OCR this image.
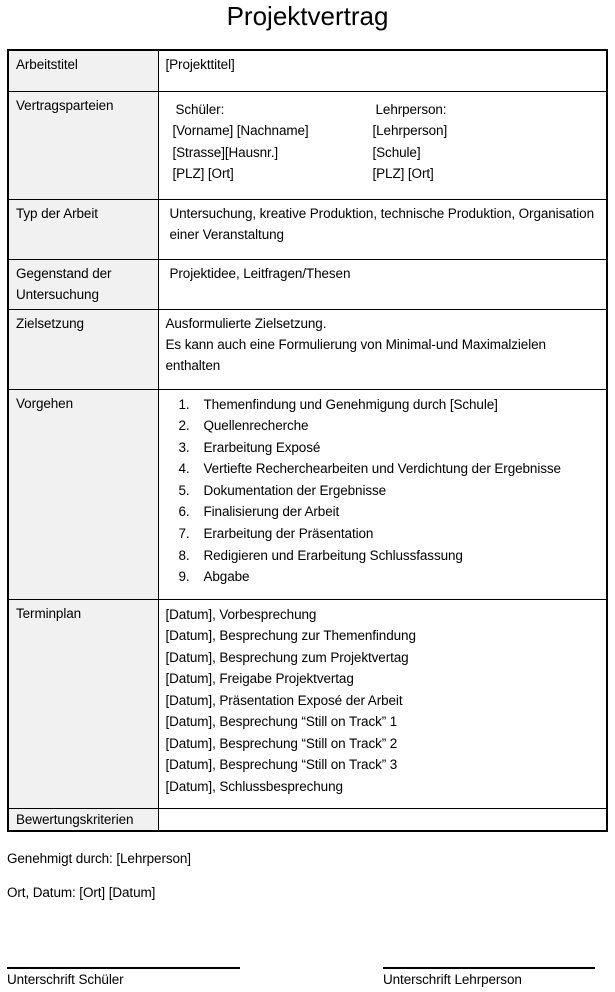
Projektvertrag
Arbeitstitel	[Projekttitel]
Vertragsparteien	Schüler:
[Vorname] [Nachname]
[Strasse][Hausnr.]
[PLZ] [Ort]
Lehrperson:
[Lehrperson]
[Schule]
[PLZ] [Ort]

Typ der Arbeit	Untersuchung, kreative Produktion, technische Produktion, Organisation
einer Veranstaltung

Gegenstand der Untersuchung	Projektidee, Leitfragen/Thesen

Zielsetzung	Ausformulierte Zielsetzung.
Es kann auch eine Formulierung von Minimal-und Maximalzielen
enthalten

Vorgehen	1.	Themenfindung und Genehmigung durch [Schule]
2.	Quellenrecherche
3.	Erarbeitung Exposé
4.	Vertiefte Recherchearbeiten und Verdichtung der Ergebnisse
5.	Dokumentation der Ergebnisse
6.	Finalisierung der Arbeit
7.	Erarbeitung der Präsentation
8.	Redigieren und Erarbeitung Schlussfassung
9.	Abgabe

Terminplan	[Datum], Vorbesprechung
[Datum], Besprechung zur Themenfindung
[Datum], Besprechung zum Projektvertag
[Datum], Freigabe Projektvertag
[Datum], Präsentation Exposé der Arbeit
[Datum], Besprechung “Still on Track” 1
[Datum], Besprechung “Still on Track” 2
[Datum], Besprechung “Still on Track” 3
[Datum], Schlussbesprechung

Bewertungskriterien	
Genehmigt durch: [Lehrperson]
Ort, Datum: [Ort] [Datum]
Unterschrift Schüler	Unterschrift Lehrperson
